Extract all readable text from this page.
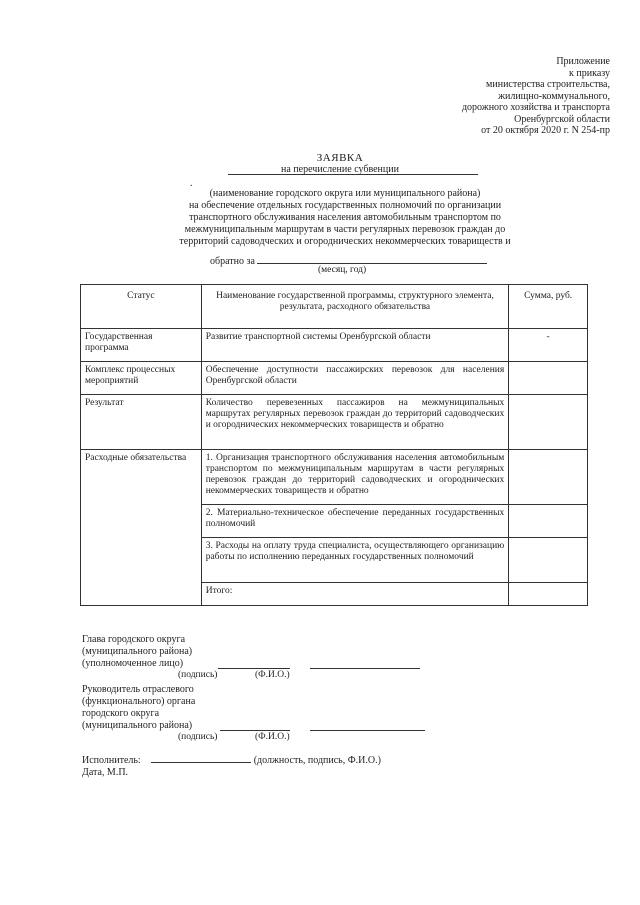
Приложение
к приказу
министерства строительства,
жилищно-коммунального,
дорожного хозяйства и транспорта
Оренбургской области
от 20 октября 2020 г. N 254-пр
ЗАЯВКА
на перечисление субвенции
.
(наименование городского округа или муниципального района)
на обеспечение отдельных государственных полномочий по организации
транспортного обслуживания населения автомобильным транспортом по
межмуниципальным маршрутам в части регулярных перевозок граждан до
территорий садоводческих и огороднических некоммерческих товариществ и
обратно за
(месяц, год)
Статус	Наименование государственной программы, структурного элемента, результата, расходного обязательства	Сумма, руб.
Государственная программа	Развитие транспортной системы Оренбургской области	-
Комплекс процессных мероприятий	Обеспечение доступности пассажирских перевозок для населения Оренбургской области	
Результат	Количество перевезенных пассажиров на межмуниципальных маршрутах регулярных перевозок граждан до территорий садоводческих и огороднических некоммерческих товариществ и обратно	
Расходные обязательства	1. Организация транспортного обслуживания населения автомобильным транспортом по межмуниципальным маршрутам в части регулярных перевозок граждан до территорий садоводческих и огороднических некоммерческих товариществ и обратно	
	2. Материально-техническое обеспечение переданных государственных полномочий	
	3. Расходы на оплату труда специалиста, осуществляющего организацию работы по исполнению переданных государственных полномочий	
	Итого:	
Глава городского округа
(муниципального района)
(уполномоченное лицо)
(подпись)	(Ф.И.О.)
Руководитель отраслевого
(функционального) органа
городского округа
(муниципального района)
(подпись)	(Ф.И.О.)
Исполнитель:	(должность, подпись, Ф.И.О.)
Дата, М.П.
